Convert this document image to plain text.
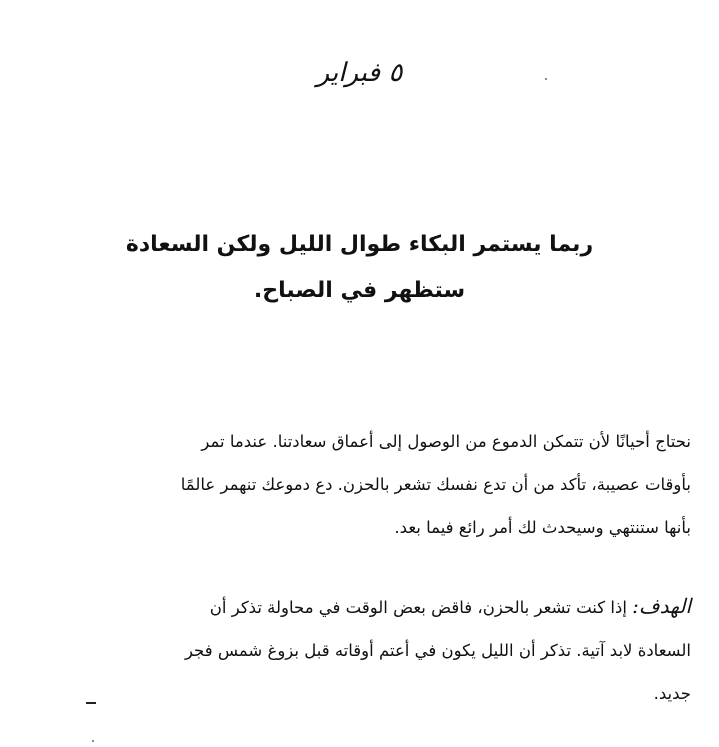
٥ فبراير
ربما يستمر البكاء طوال الليل ولكن السعادة
ستظهر في الصباح.
نحتاج أحيانًا لأن تتمكن الدموع من الوصول إلى أعماق سعادتنا. عندما تمر
بأوقات عصيبة، تأكد من أن تدع نفسك تشعر بالحزن. دع دموعك تنهمر عالمًا
بأنها ستنتهي وسيحدث لك أمر رائع فيما بعد.
الهدف: إذا كنت تشعر بالحزن، فاقض بعض الوقت في محاولة تذكر أن
السعادة لابد آتية. تذكر أن الليل يكون في أعتم أوقاته قبل بزوغ شمس فجر
جديد.
